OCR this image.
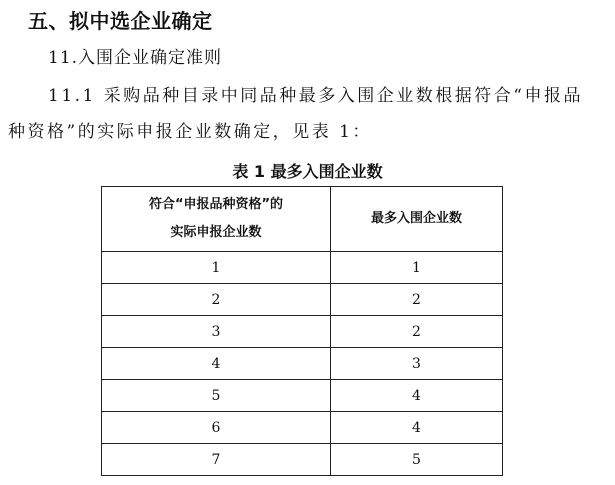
五、拟中选企业确定
11.入围企业确定准则
11.1 采购品种目录中同品种最多入围企业数根据符合“申报品
种资格”的实际申报企业数确定，见表 1：
表 1 最多入围企业数
符合“申报品种资格”的
实际申报企业数	最多入围企业数

1	1
2	2
3	2
4	3
5	4
6	4
7	5
